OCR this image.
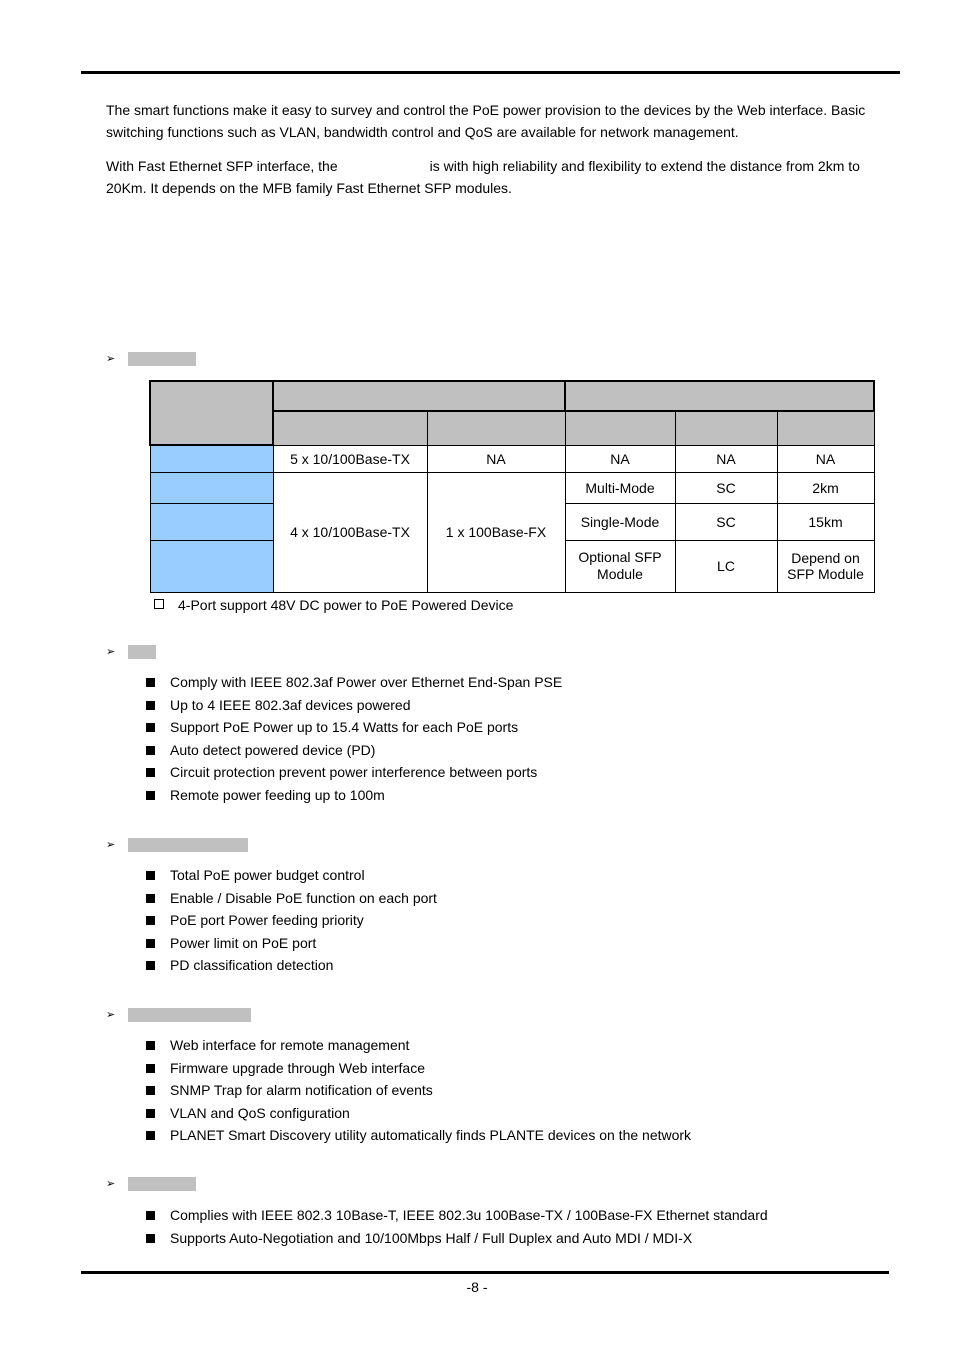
The smart functions make it easy to survey and control the PoE power provision to the devices by the Web interface. Basic switching functions such as VLAN, bandwidth control and QoS are available for network management.

With Fast Ethernet SFP interface, the	is with high reliability and flexibility to extend the distance from 2km to 20Km. It depends on the MFB family Fast Ethernet SFP modules.

➢

	5 x 10/100Base-TX	NA	NA	NA	NA
	4 x 10/100Base-TX	1 x 100Base-FX	Multi-Mode	SC	2km
			Single-Mode	SC	15km
			Optional SFP Module	LC	Depend on SFP Module
4-Port support 48V DC power to PoE Powered Device
➢
Comply with IEEE 802.3af Power over Ethernet End-Span PSE
Up to 4 IEEE 802.3af devices powered
Support PoE Power up to 15.4 Watts for each PoE ports
Auto detect powered device (PD)
Circuit protection prevent power interference between ports
Remote power feeding up to 100m
➢
Total PoE power budget control
Enable / Disable PoE function on each port
PoE port Power feeding priority
Power limit on PoE port
PD classification detection
➢
Web interface for remote management
Firmware upgrade through Web interface
SNMP Trap for alarm notification of events
VLAN and QoS configuration
PLANET Smart Discovery utility automatically finds PLANTE devices on the network
➢
Complies with IEEE 802.3 10Base-T, IEEE 802.3u 100Base-TX / 100Base-FX Ethernet standard
Supports Auto-Negotiation and 10/100Mbps Half / Full Duplex and Auto MDI / MDI-X
-8 -
